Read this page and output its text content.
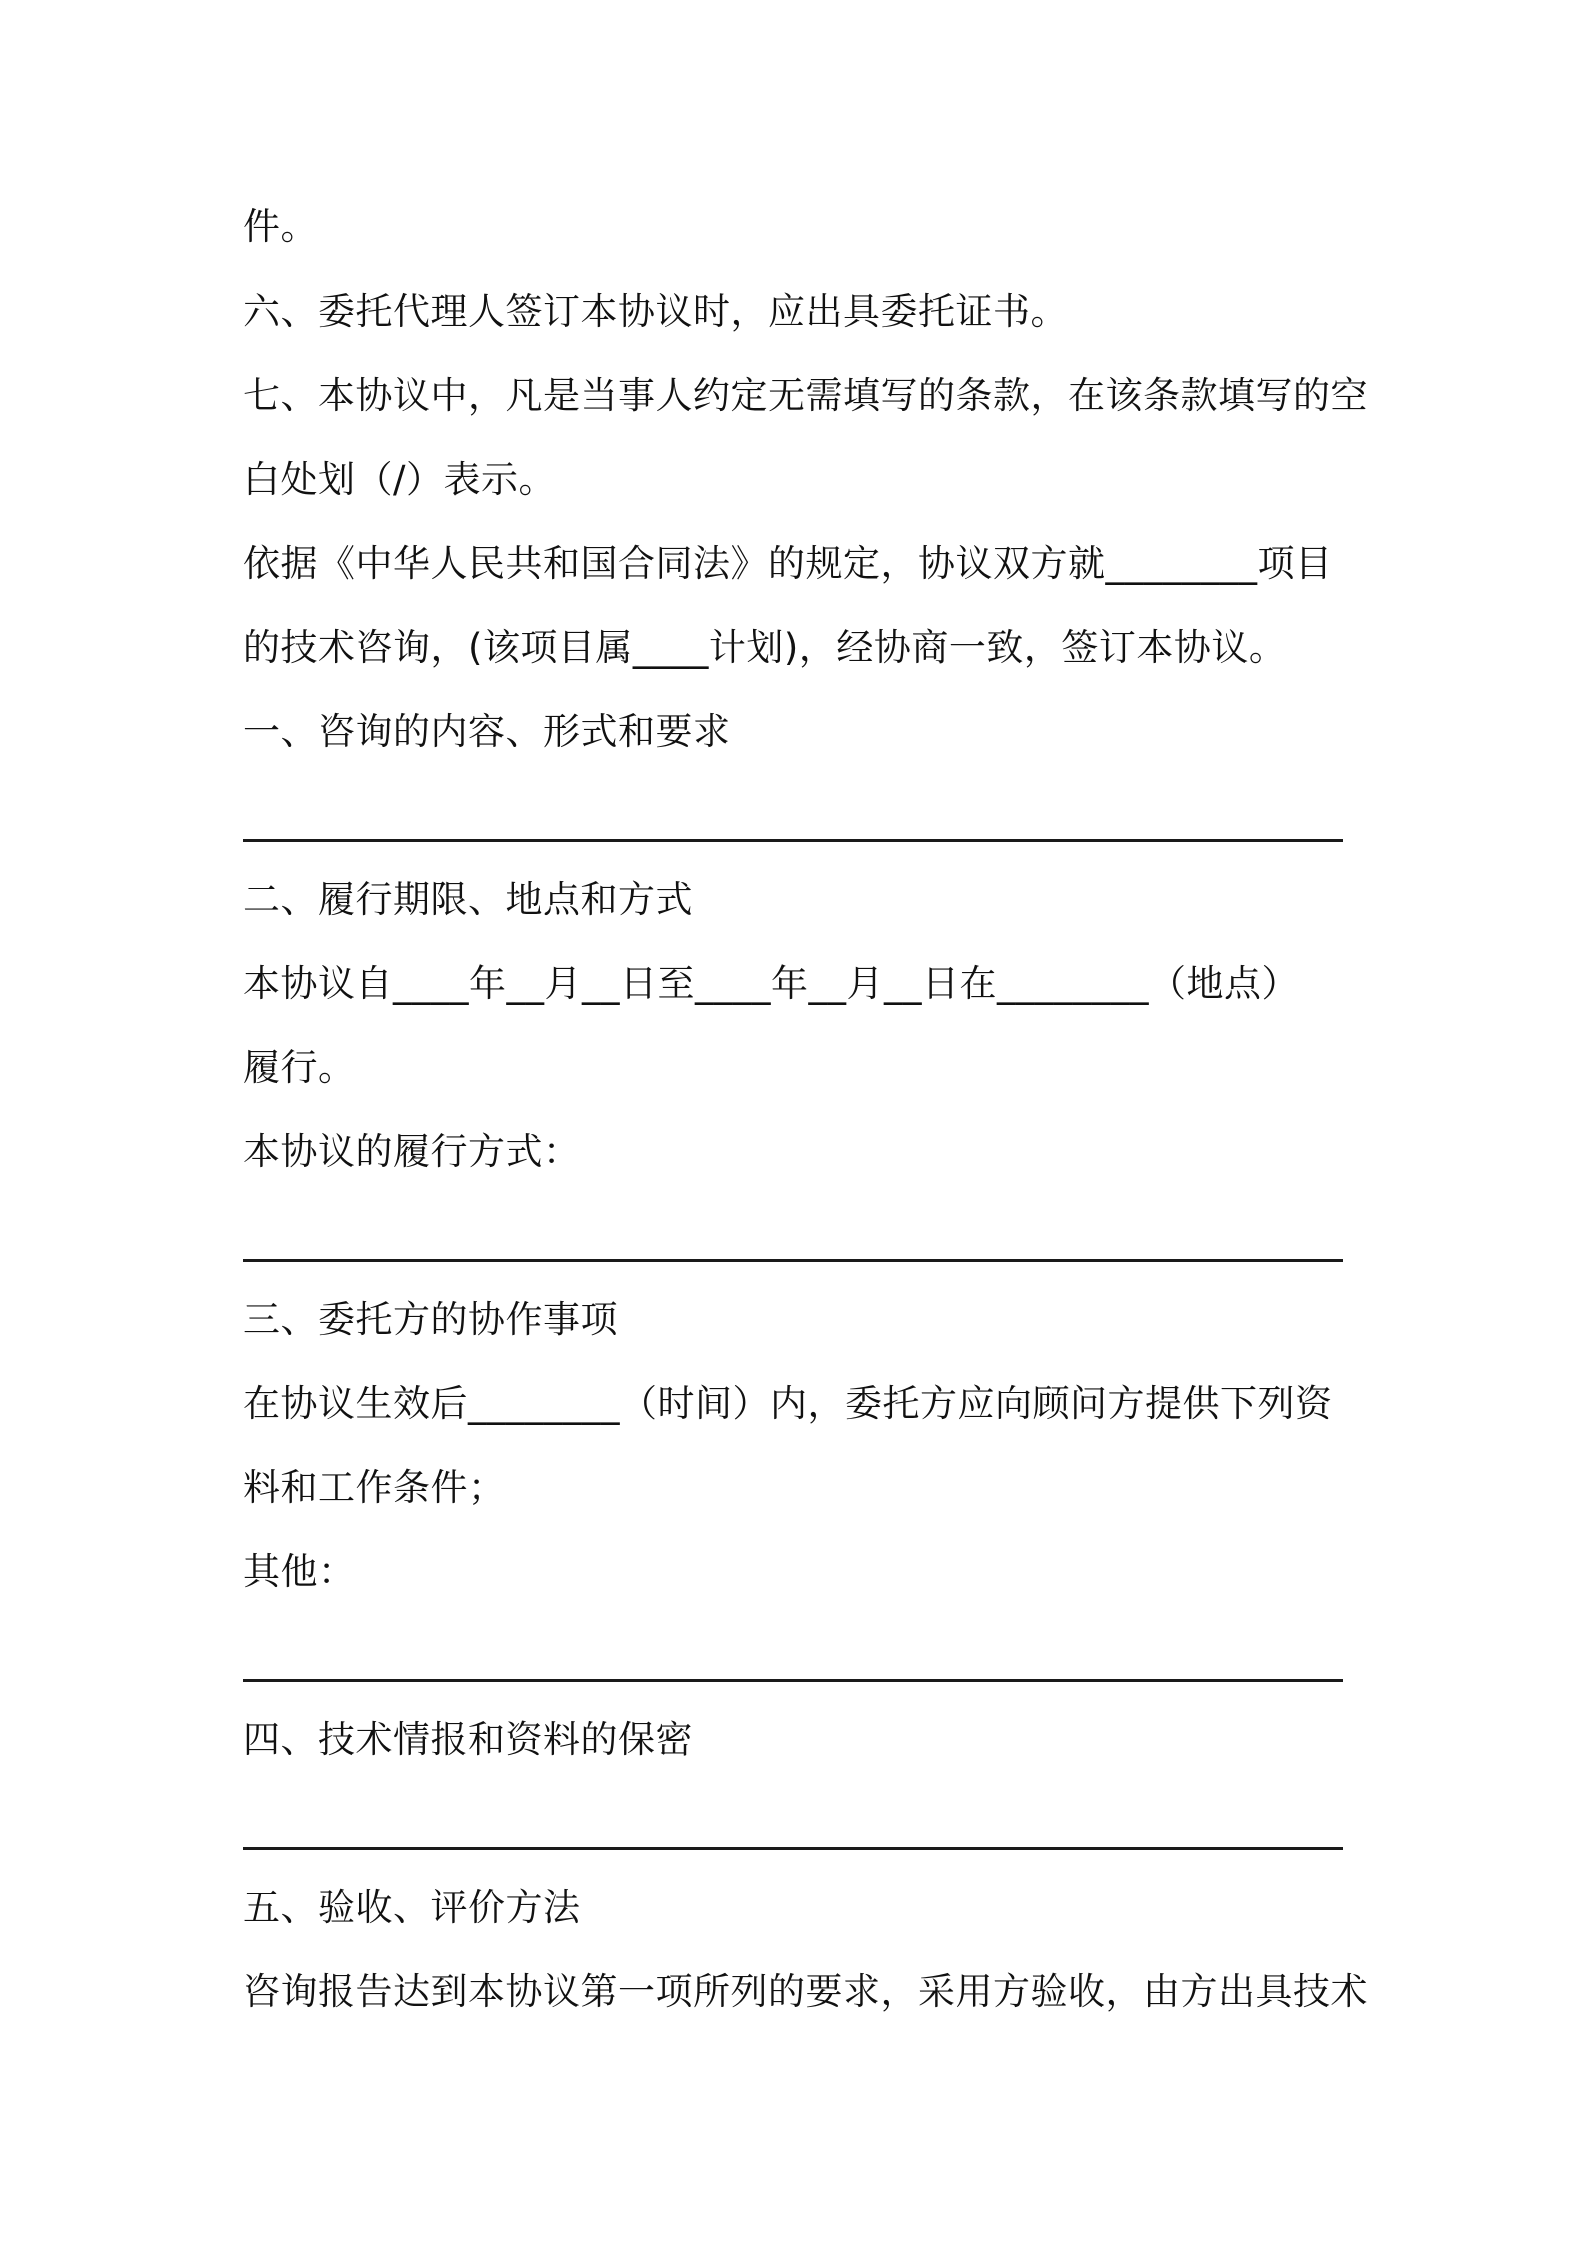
件。
六、委托代理人签订本协议时，应出具委托证书。
七、本协议中，凡是当事人约定无需填写的条款，在该条款填写的空
白处划（/）表示。
依据《中华人民共和国合同法》的规定，协议双方就________项目
的技术咨询，(该项目属____计划)，经协商一致，签订本协议。
一、咨询的内容、形式和要求
二、履行期限、地点和方式
本协议自____年__月__日至____年__月__日在________（地点）
履行。
本协议的履行方式：
三、委托方的协作事项
在协议生效后________（时间）内，委托方应向顾问方提供下列资
料和工作条件；
其他：
四、技术情报和资料的保密
五、验收、评价方法
咨询报告达到本协议第一项所列的要求，采用方验收，由方出具技术
